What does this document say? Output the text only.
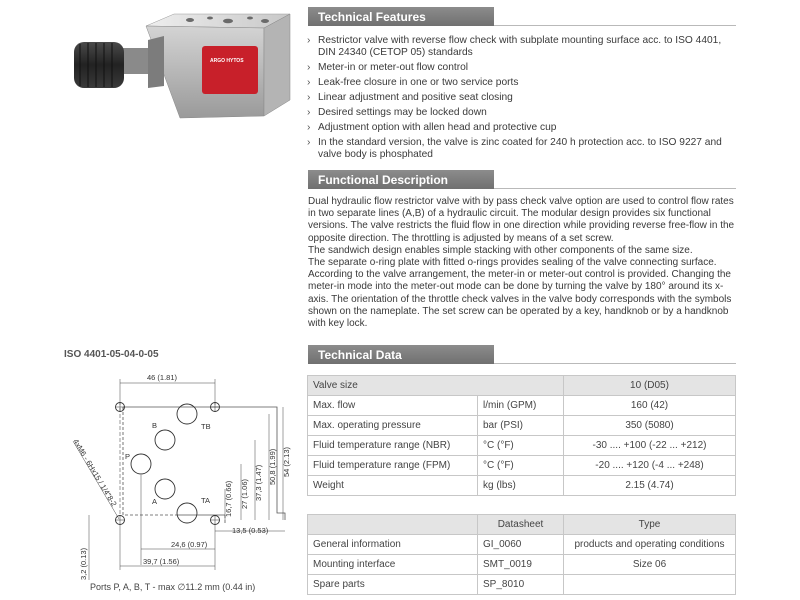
ARGO HYTOS
ISO 4401-05-04-0-05
46 (1.81)
B	TB
P
A	TA 16,7 (0.66) 27 (1.06) 37,3 (1.47) 50,8 (1.99) 54 (2.13)
13,5 (0.53)
24,6 (0.97)
39,7 (1.56)
3,2 (0.13)
4xM6 - 6Hx15 / 1/4"8-2
Ports P, A, B, T - max ∅11.2 mm (0.44 in)
Technical Features
› Restrictor valve with reverse flow check with subplate mounting surface acc. to ISO 4401, DIN 24340 (CETOP 05) standards
› Meter-in or meter-out flow control
› Leak-free closure in one or two service ports
› Linear adjustment and positive seat closing
› Desired settings may be locked down
› Adjustment option with allen head and protective cup
› In the standard version, the valve is zinc coated for 240 h protection acc. to ISO 9227 and valve body is phosphated
Functional Description

Dual hydraulic flow restrictor valve with by pass check valve option are used to control flow rates in two separate lines (A,B) of a hydraulic circuit. The modular design provides six functional versions. The valve restricts the fluid flow in one direction while providing reverse free-flow in the opposite direction. The throttling is adjusted by means of a set screw.

The sandwich design enables simple stacking with other components of the same size.

The separate o-ring plate with fitted o-rings provides sealing of the valve connecting surface. According to the valve arrangement, the meter-in or meter-out control is provided. Changing the meter-in mode into the meter-out mode can be done by turning the valve by 180° around its x-axis. The orientation of the throttle check valves in the valve body corresponds with the symbols shown on the nameplate. The set screw can be operated by a key, handknob or by a handknob with key lock.

Technical Data
Valve size		10 (D05)
Max. flow	l/min (GPM)	160 (42)
Max. operating pressure	bar (PSI)	350 (5080)
Fluid temperature range (NBR)	°C (°F)	-30 .... +100 (-22 ... +212)
Fluid temperature range (FPM)	°C (°F)	-20 .... +120 (-4 ... +248)
Weight	kg (lbs)	2.15 (4.74)
	Datasheet	Type
General information	GI_0060	products and operating conditions
Mounting interface	SMT_0019	Size 06
Spare parts	SP_8010	
